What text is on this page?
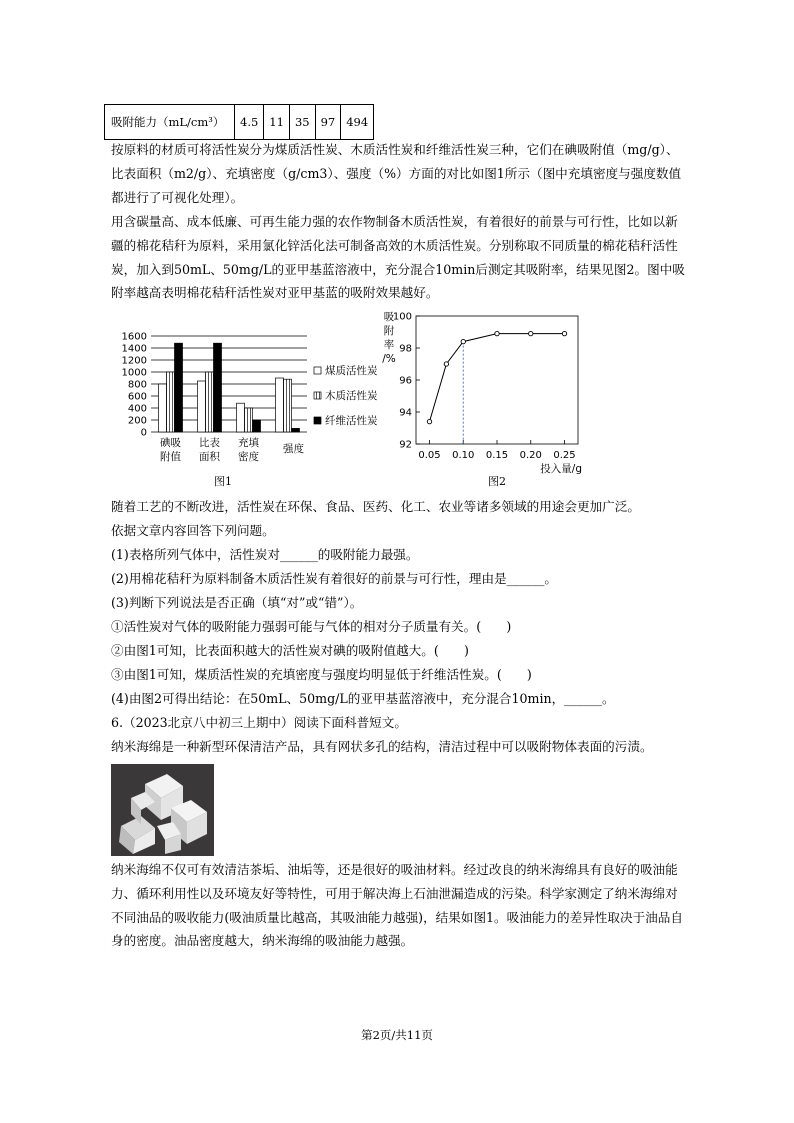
吸附能力（mL/cm³）	4.5	11	35	97	494

按原料的材质可将活性炭分为煤质活性炭、木质活性炭和纤维活性炭三种，它们在碘吸附值（mg/g）、比表面积（m2/g）、充填密度（g/cm3）、强度（%）方面的对比如图1所示（图中充填密度与强度数值都进行了可视化处理）。

用含碳量高、成本低廉、可再生能力强的农作物制备木质活性炭，有着很好的前景与可行性，比如以新疆的棉花秸秆为原料，采用氯化锌活化法可制备高效的木质活性炭。分别称取不同质量的棉花秸秆活性炭，加入到50mL、50mg/L的亚甲基蓝溶液中，充分混合10min后测定其吸附率，结果见图2。图中吸附率越高表明棉花秸秆活性炭对亚甲基蓝的吸附效果越好。

0
200
400
600
800
1000
1200
1400
1600
碘吸
附值
比表
面积
充填
密度
强度
煤质活性炭
木质活性炭
纤维活性炭
图1
92
94
96
98
100
0.05 0.10 0.15 0.20 0.25
吸
附
率
/%
投入量/g
图2

随着工艺的不断改进，活性炭在环保、食品、医药、化工、农业等诸多领域的用途会更加广泛。

依据文章内容回答下列问题。

(1)表格所列气体中，活性炭对______的吸附能力最强。

(2)用棉花秸秆为原料制备木质活性炭有着很好的前景与可行性，理由是______。

(3)判断下列说法是否正确（填“对”或“错”）。

①活性炭对气体的吸附能力强弱可能与气体的相对分子质量有关。(　　)

②由图1可知，比表面积越大的活性炭对碘的吸附值越大。(　　)

③由图1可知，煤质活性炭的充填密度与强度均明显低于纤维活性炭。(　　)

(4)由图2可得出结论：在50mL、50mg/L的亚甲基蓝溶液中，充分混合10min，______。

6.（2023北京八中初三上期中）阅读下面科普短文。

纳米海绵是一种新型环保清洁产品，具有网状多孔的结构，清洁过程中可以吸附物体表面的污渍。

纳米海绵不仅可有效清洁茶垢、油垢等，还是很好的吸油材料。经过改良的纳米海绵具有良好的吸油能力、循环利用性以及环境友好等特性，可用于解决海上石油泄漏造成的污染。科学家测定了纳米海绵对不同油品的吸收能力(吸油质量比越高，其吸油能力越强)，结果如图1。吸油能力的差异性取决于油品自身的密度。油品密度越大，纳米海绵的吸油能力越强。

第2页/共11页
